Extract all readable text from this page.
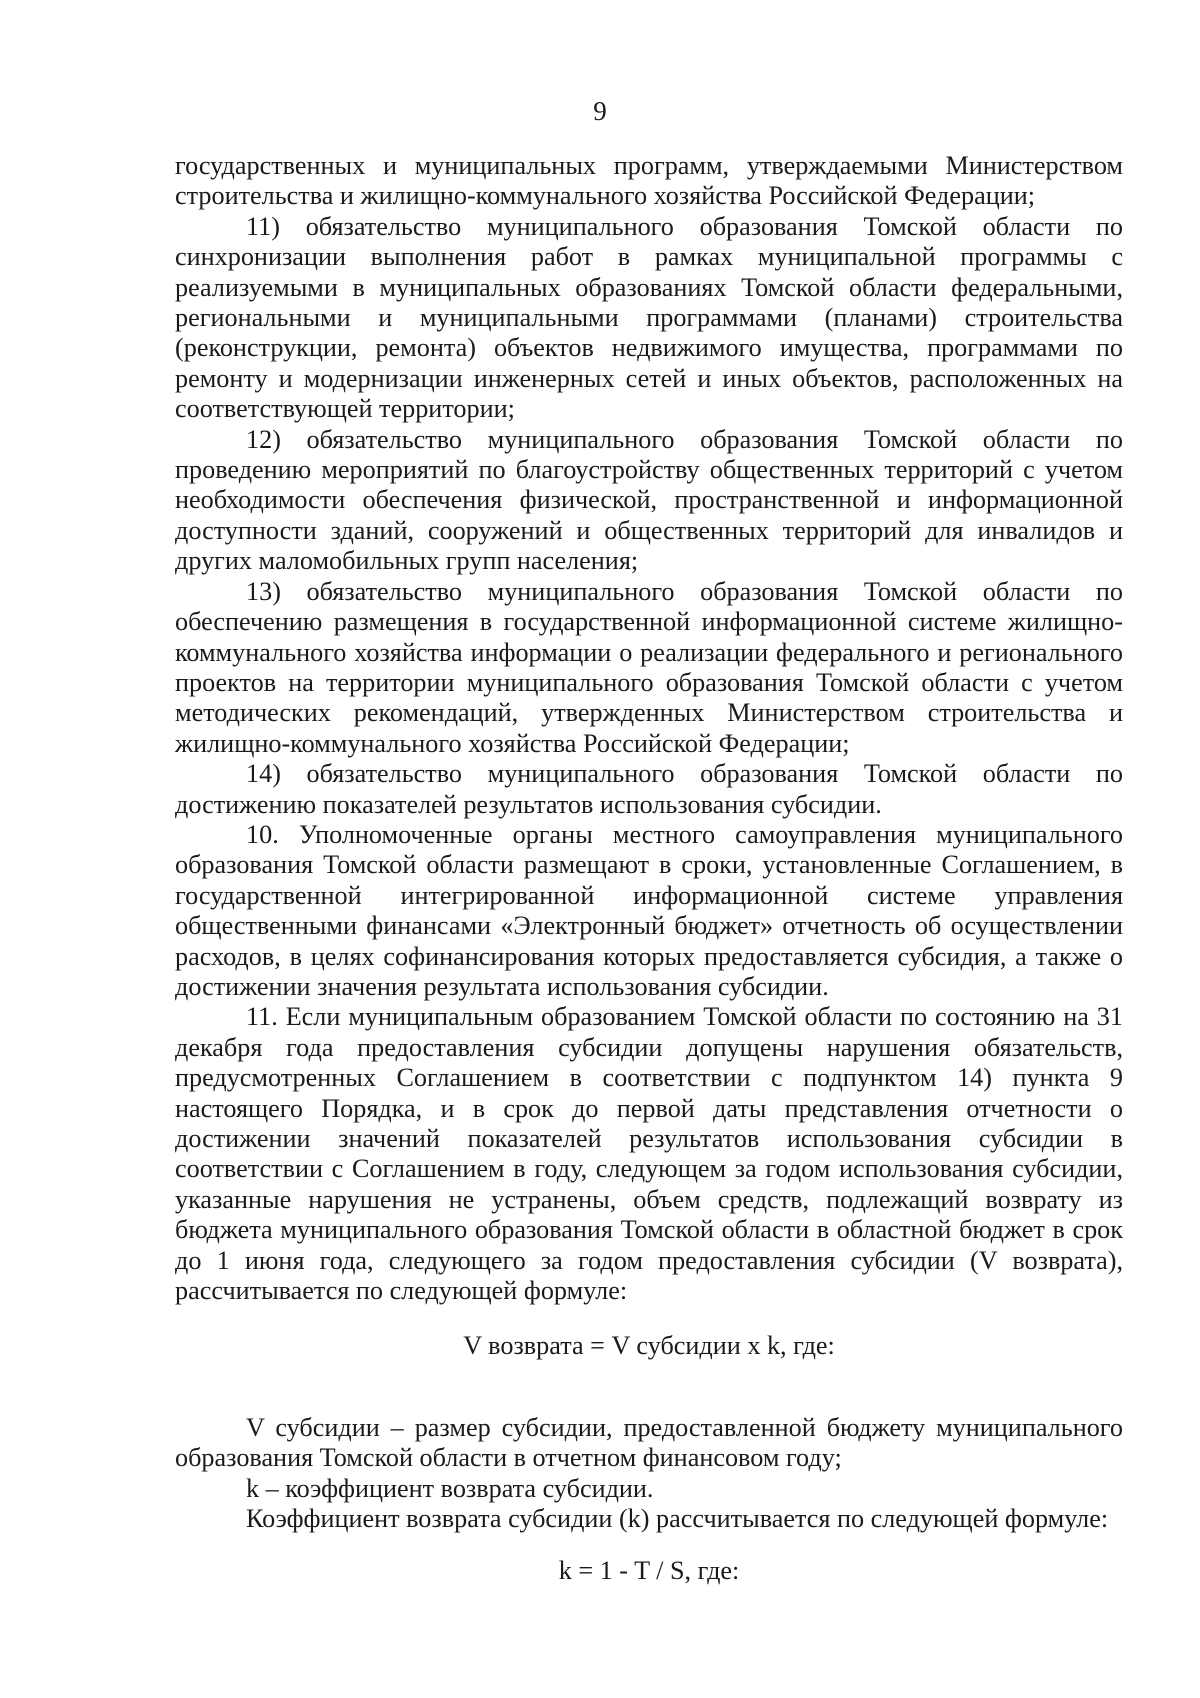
9

государственных и муниципальных программ, утверждаемыми Министерством строительства и жилищно-коммунального хозяйства Российской Федерации;

11) обязательство муниципального образования Томской области по синхронизации выполнения работ в рамках муниципальной программы с реализуемыми в муниципальных образованиях Томской области федеральными, региональными и муниципальными программами (планами) строительства (реконструкции, ремонта) объектов недвижимого имущества, программами по ремонту и модернизации инженерных сетей и иных объектов, расположенных на соответствующей территории;

12) обязательство муниципального образования Томской области по проведению мероприятий по благоустройству общественных территорий с учетом необходимости обеспечения физической, пространственной и информационной доступности зданий, сооружений и общественных территорий для инвалидов и других маломобильных групп населения;

13) обязательство муниципального образования Томской области по обеспечению размещения в государственной информационной системе жилищно-коммунального хозяйства информации о реализации федерального и регионального проектов на территории муниципального образования Томской области с учетом методических рекомендаций, утвержденных Министерством строительства и жилищно-коммунального хозяйства Российской Федерации;

14) обязательство муниципального образования Томской области по достижению показателей результатов использования субсидии.

10. Уполномоченные органы местного самоуправления муниципального образования Томской области размещают в сроки, установленные Соглашением, в государственной интегрированной информационной системе управления общественными финансами «Электронный бюджет» отчетность об осуществлении расходов, в целях софинансирования которых предоставляется субсидия, а также о достижении значения результата использования субсидии.

11. Если муниципальным образованием Томской области по состоянию на 31 декабря года предоставления субсидии допущены нарушения обязательств, предусмотренных Соглашением в соответствии с подпунктом 14) пункта 9 настоящего Порядка, и в срок до первой даты представления отчетности о достижении значений показателей результатов использования субсидии в соответствии с Соглашением в году, следующем за годом использования субсидии, указанные нарушения не устранены, объем средств, подлежащий возврату из бюджета муниципального образования Томской области в областной бюджет в срок до 1 июня года, следующего за годом предоставления субсидии (V возврата), рассчитывается по следующей формуле:

V возврата = V субсидии x k, где:

V субсидии – размер субсидии, предоставленной бюджету муниципального образования Томской области в отчетном финансовом году;

k – коэффициент возврата субсидии.

Коэффициент возврата субсидии (k) рассчитывается по следующей формуле:

k = 1 - T / S, где:
